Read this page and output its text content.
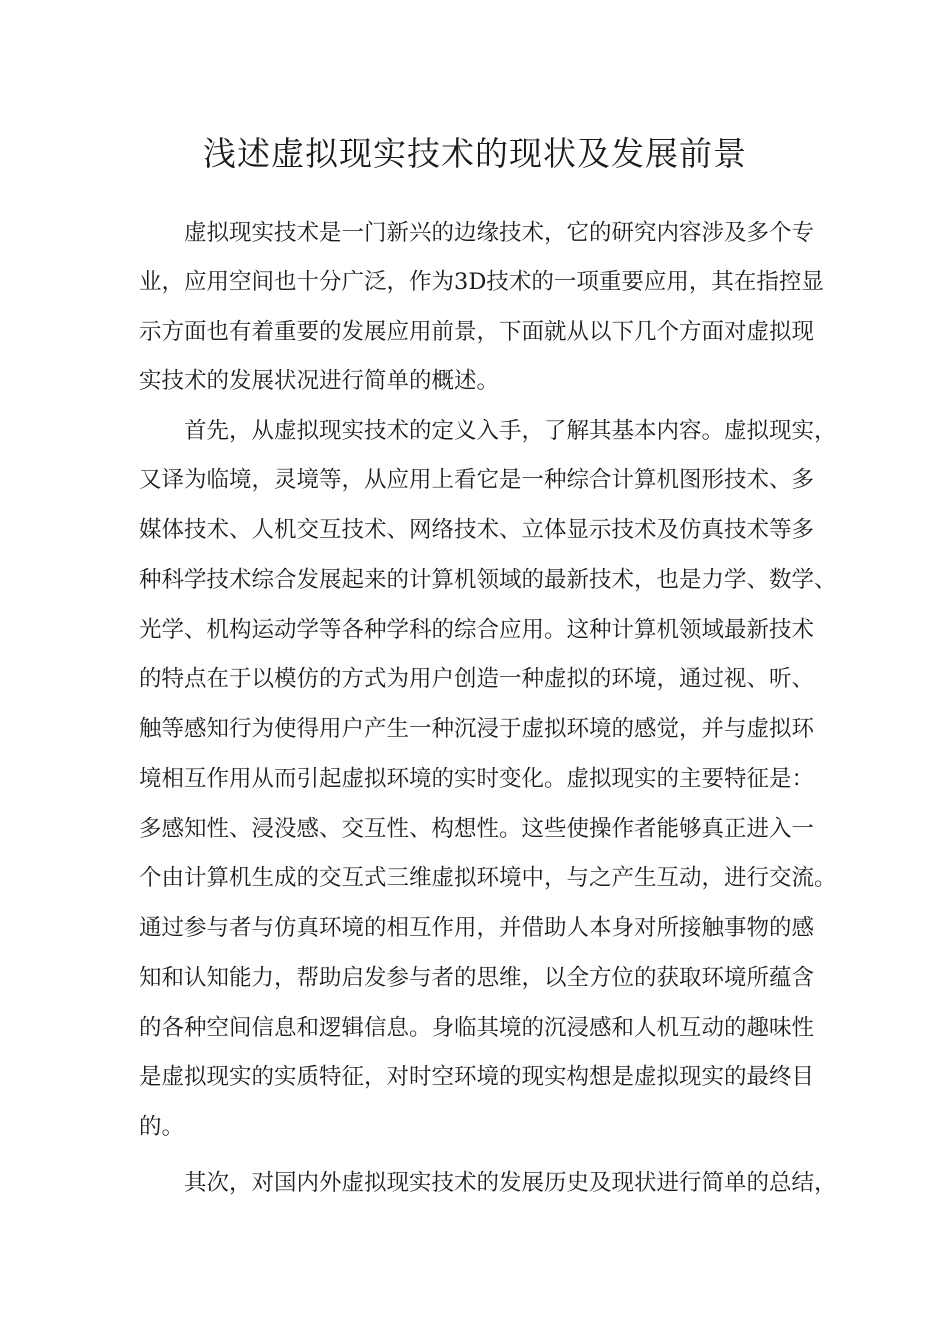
浅述虚拟现实技术的现状及发展前景
虚拟现实技术是一门新兴的边缘技术，它的研究内容涉及多个专
业，应用空间也十分广泛，作为3D技术的一项重要应用，其在指控显
示方面也有着重要的发展应用前景，下面就从以下几个方面对虚拟现
实技术的发展状况进行简单的概述。
首先，从虚拟现实技术的定义入手，了解其基本内容。虚拟现实，
又译为临境，灵境等，从应用上看它是一种综合计算机图形技术、多
媒体技术、人机交互技术、网络技术、立体显示技术及仿真技术等多
种科学技术综合发展起来的计算机领域的最新技术，也是力学、数学、
光学、机构运动学等各种学科的综合应用。这种计算机领域最新技术
的特点在于以模仿的方式为用户创造一种虚拟的环境，通过视、听、
触等感知行为使得用户产生一种沉浸于虚拟环境的感觉，并与虚拟环
境相互作用从而引起虚拟环境的实时变化。虚拟现实的主要特征是：
多感知性、浸没感、交互性、构想性。这些使操作者能够真正进入一
个由计算机生成的交互式三维虚拟环境中，与之产生互动，进行交流。
通过参与者与仿真环境的相互作用，并借助人本身对所接触事物的感
知和认知能力，帮助启发参与者的思维，以全方位的获取环境所蕴含
的各种空间信息和逻辑信息。身临其境的沉浸感和人机互动的趣味性
是虚拟现实的实质特征，对时空环境的现实构想是虚拟现实的最终目
的。
其次，对国内外虚拟现实技术的发展历史及现状进行简单的总结，
